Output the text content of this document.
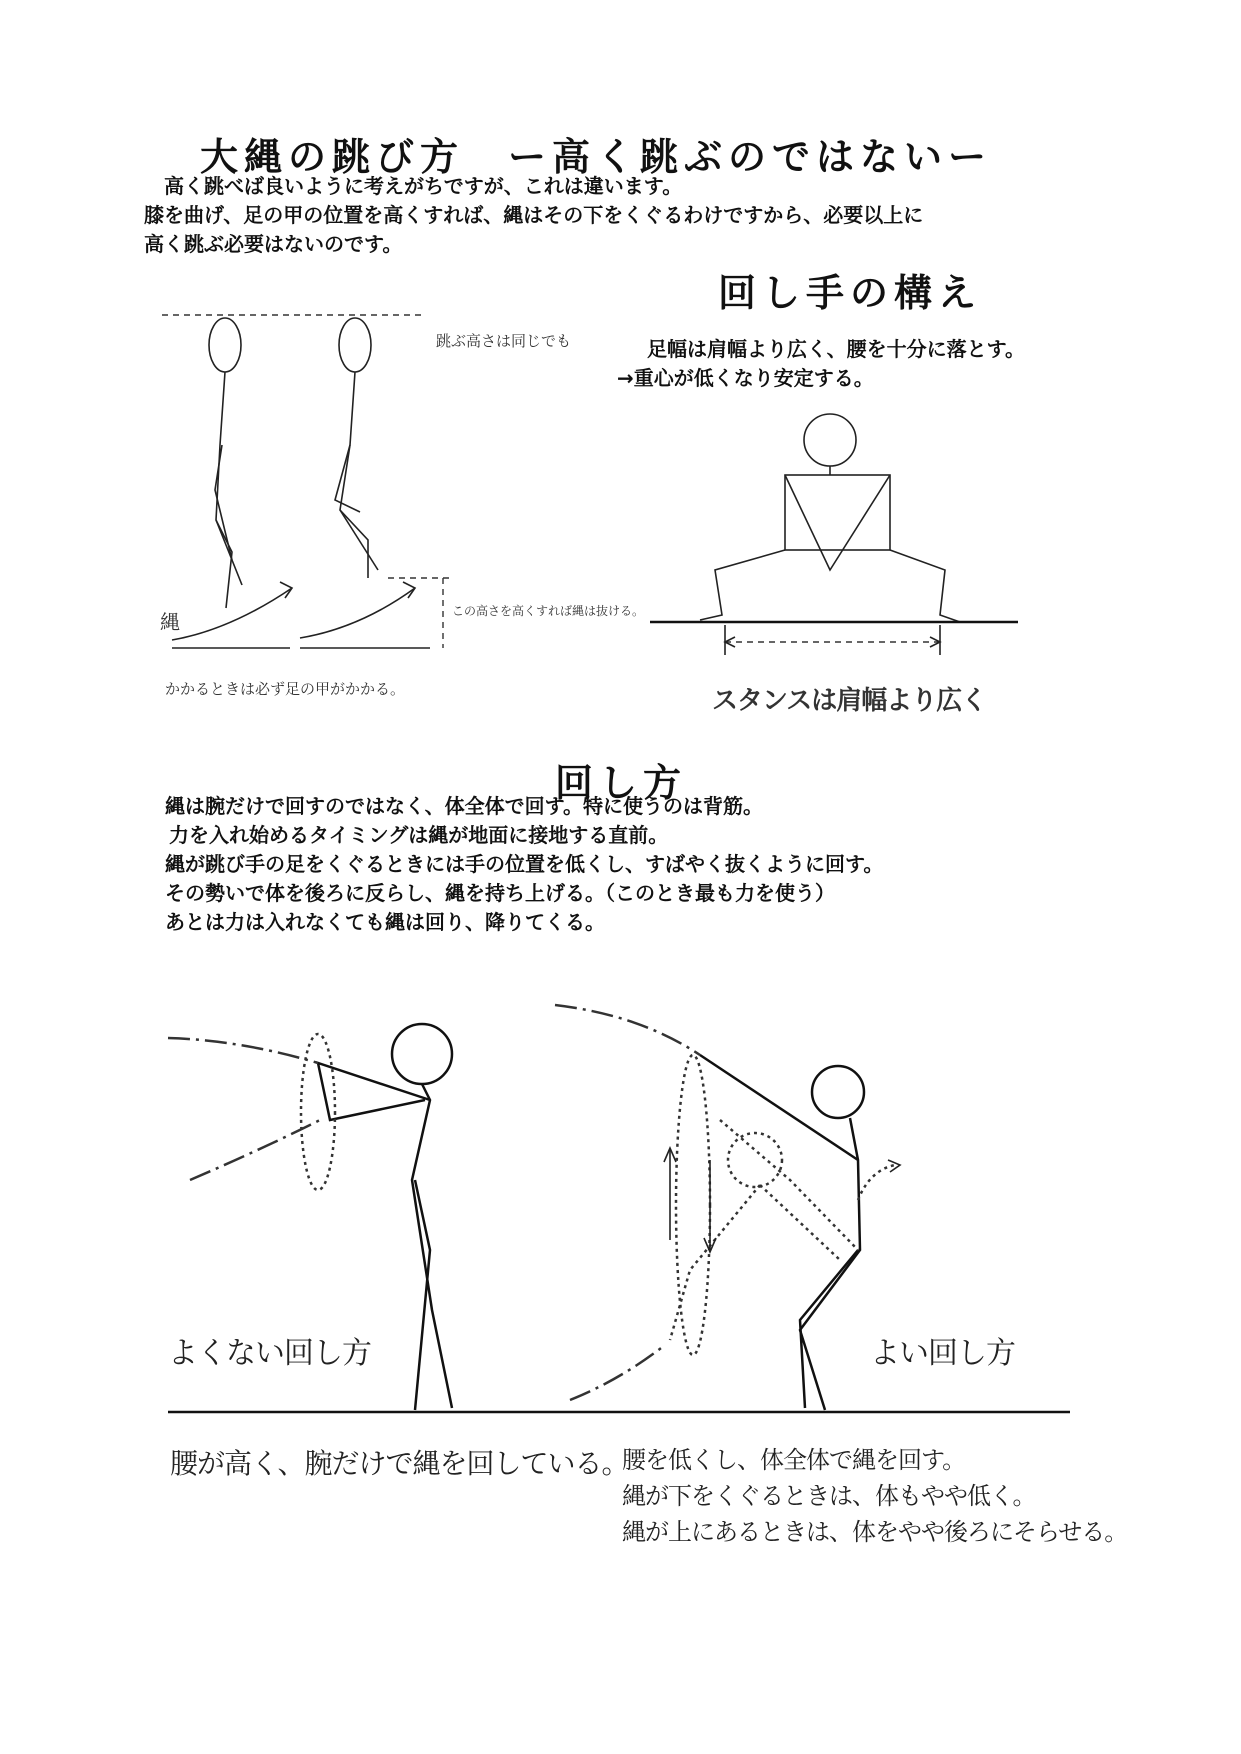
大縄の跳び方　ー高く跳ぶのではないー
　高く跳べば良いように考えがちですが、これは違います。
膝を曲げ、足の甲の位置を高くすれば、縄はその下をくぐるわけですから、必要以上に
高く跳ぶ必要はないのです。
跳ぶ高さは同じでも
縄	この高さを高くすれば縄は抜ける。
かかるときは必ず足の甲がかかる。
回し手の構え
足幅は肩幅より広く、腰を十分に落とす。
→重心が低くなり安定する。
スタンスは肩幅より広く
回し方
縄は腕だけで回すのではなく、体全体で回す。特に使うのは背筋。
力を入れ始めるタイミングは縄が地面に接地する直前。
縄が跳び手の足をくぐるときには手の位置を低くし、すばやく抜くように回す。
その勢いで体を後ろに反らし、縄を持ち上げる。（このとき最も力を使う）
あとは力は入れなくても縄は回り、降りてくる。
よくない回し方	よい回し方
腰が高く、腕だけで縄を回している。
腰を低くし、体全体で縄を回す。
縄が下をくぐるときは、体もやや低く。
縄が上にあるときは、体をやや後ろにそらせる。
